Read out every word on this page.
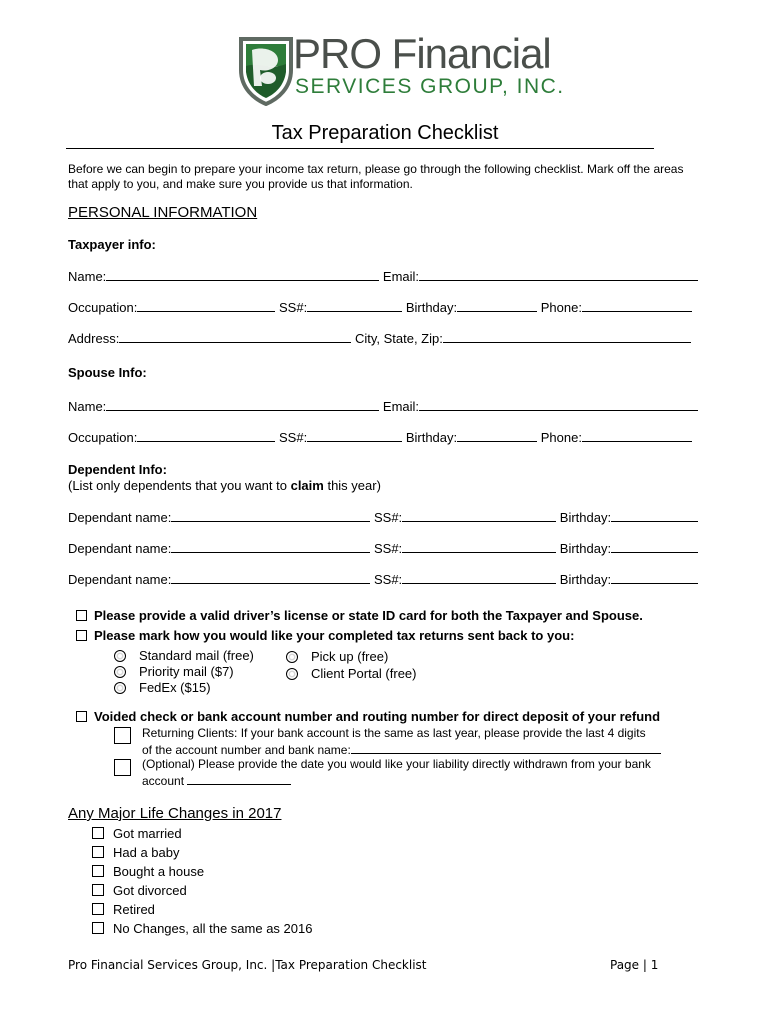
PRO Financial
SERVICES GROUP, INC.
Tax Preparation Checklist
Before we can begin to prepare your income tax return, please go through the following checklist. Mark off the areas
that apply to you, and make sure you provide us that information.
PERSONAL INFORMATION
Taxpayer info:
Name:	Email:
Occupation:	SS#:	Birthday:	Phone:
Address:	City, State, Zip:
Spouse Info:
Name:	Email:
Occupation:	SS#:	Birthday:	Phone:
Dependent Info:
(List only dependents that you want to claim this year)
Dependant name:	SS#:	Birthday:
Dependant name:	SS#:	Birthday:
Dependant name:	SS#:	Birthday:
Please provide a valid driver’s license or state ID card for both the Taxpayer and Spouse.
Please mark how you would like your completed tax returns sent back to you:
Standard mail (free)
Priority mail ($7)
FedEx ($15)
Pick up (free)
Client Portal (free)
Voided check or bank account number and routing number for direct deposit of your refund
Returning Clients: If your bank account is the same as last year, please provide the last 4 digits
of the account number and bank name:
(Optional) Please provide the date you would like your liability directly withdrawn from your bank
account
Any Major Life Changes in 2017
Got married
Had a baby
Bought a house
Got divorced
Retired
No Changes, all the same as 2016
Pro Financial Services Group, Inc. |Tax Preparation Checklist	Page | 1
